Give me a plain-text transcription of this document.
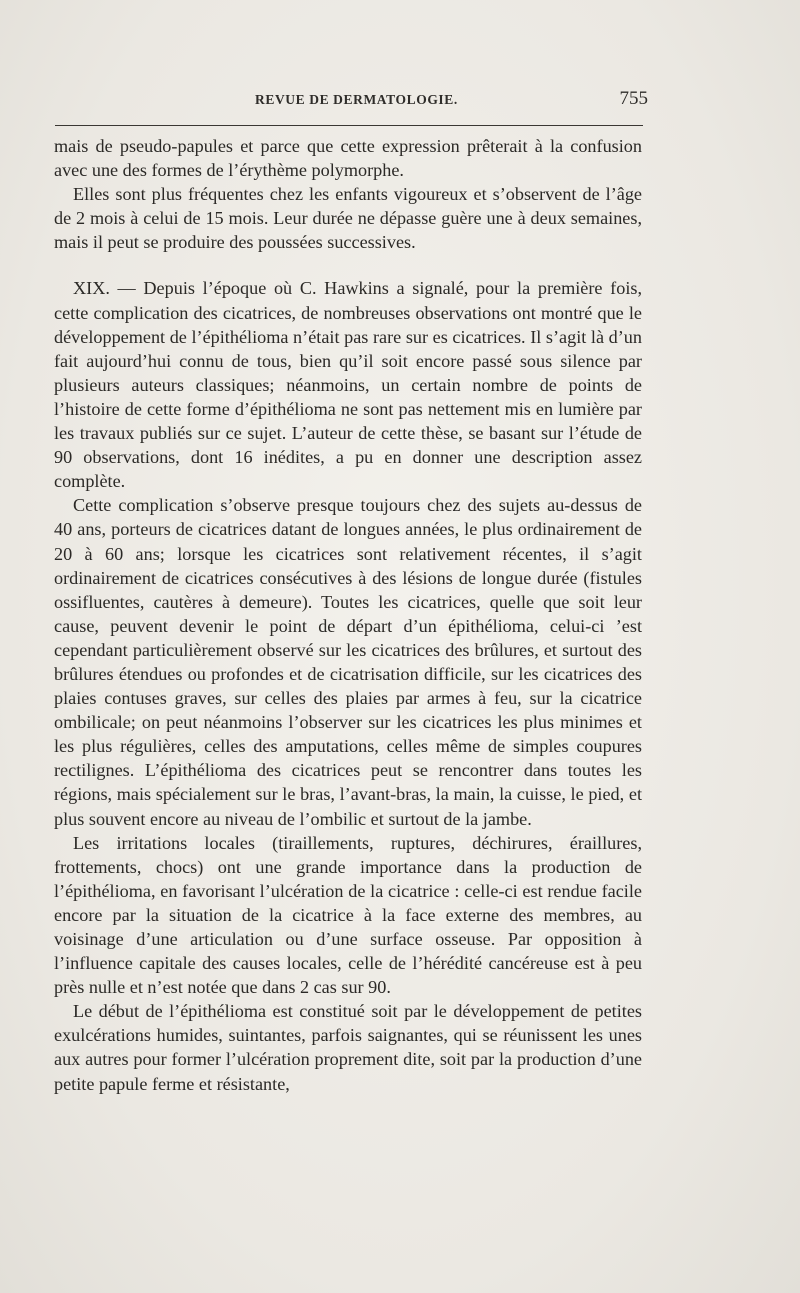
REVUE DE DERMATOLOGIE.	755

mais de pseudo-papules et parce que cette expression prêterait à la confusion avec une des formes de l’érythème polymorphe.

Elles sont plus fréquentes chez les enfants vigoureux et s’observent de l’âge de 2 mois à celui de 15 mois. Leur durée ne dépasse guère une à deux semaines, mais il peut se produire des poussées successives.

XIX. — Depuis l’époque où C. Hawkins a signalé, pour la première fois, cette complication des cicatrices, de nombreuses observations ont montré que le développement de l’épithélioma n’était pas rare sur es cicatrices. Il s’agit là d’un fait aujourd’hui connu de tous, bien qu’il soit encore passé sous silence par plusieurs auteurs classiques; néanmoins, un certain nombre de points de l’histoire de cette forme d’épithélioma ne sont pas nettement mis en lumière par les travaux publiés sur ce sujet. L’auteur de cette thèse, se basant sur l’étude de 90 observations, dont 16 inédites, a pu en donner une description assez complète.

Cette complication s’observe presque toujours chez des sujets au-dessus de 40 ans, porteurs de cicatrices datant de longues années, le plus ordinairement de 20 à 60 ans; lorsque les cicatrices sont relativement récentes, il s’agit ordinairement de cicatrices consécutives à des lésions de longue durée (fistules ossifluentes, cautères à demeure). Toutes les cicatrices, quelle que soit leur cause, peuvent devenir le point de départ d’un épithélioma, celui-ci ’est cependant particulièrement observé sur les cicatrices des brûlures, et surtout des brûlures étendues ou profondes et de cicatrisation difficile, sur les cicatrices des plaies contuses graves, sur celles des plaies par armes à feu, sur la cicatrice ombilicale; on peut néanmoins l’observer sur les cicatrices les plus minimes et les plus régulières, celles des amputations, celles même de simples coupures rectilignes. L’épithélioma des cicatrices peut se rencontrer dans toutes les régions, mais spécialement sur le bras, l’avant-bras, la main, la cuisse, le pied, et plus souvent encore au niveau de l’ombilic et surtout de la jambe.

Les irritations locales (tiraillements, ruptures, déchirures, éraillures, frottements, chocs) ont une grande importance dans la production de l’épithélioma, en favorisant l’ulcération de la cicatrice : celle-ci est rendue facile encore par la situation de la cicatrice à la face externe des membres, au voisinage d’une articulation ou d’une surface osseuse. Par opposition à l’influence capitale des causes locales, celle de l’hérédité cancéreuse est à peu près nulle et n’est notée que dans 2 cas sur 90.

Le début de l’épithélioma est constitué soit par le développement de petites exulcérations humides, suintantes, parfois saignantes, qui se réunissent les unes aux autres pour former l’ulcération proprement dite, soit par la production d’une petite papule ferme et résistante,
